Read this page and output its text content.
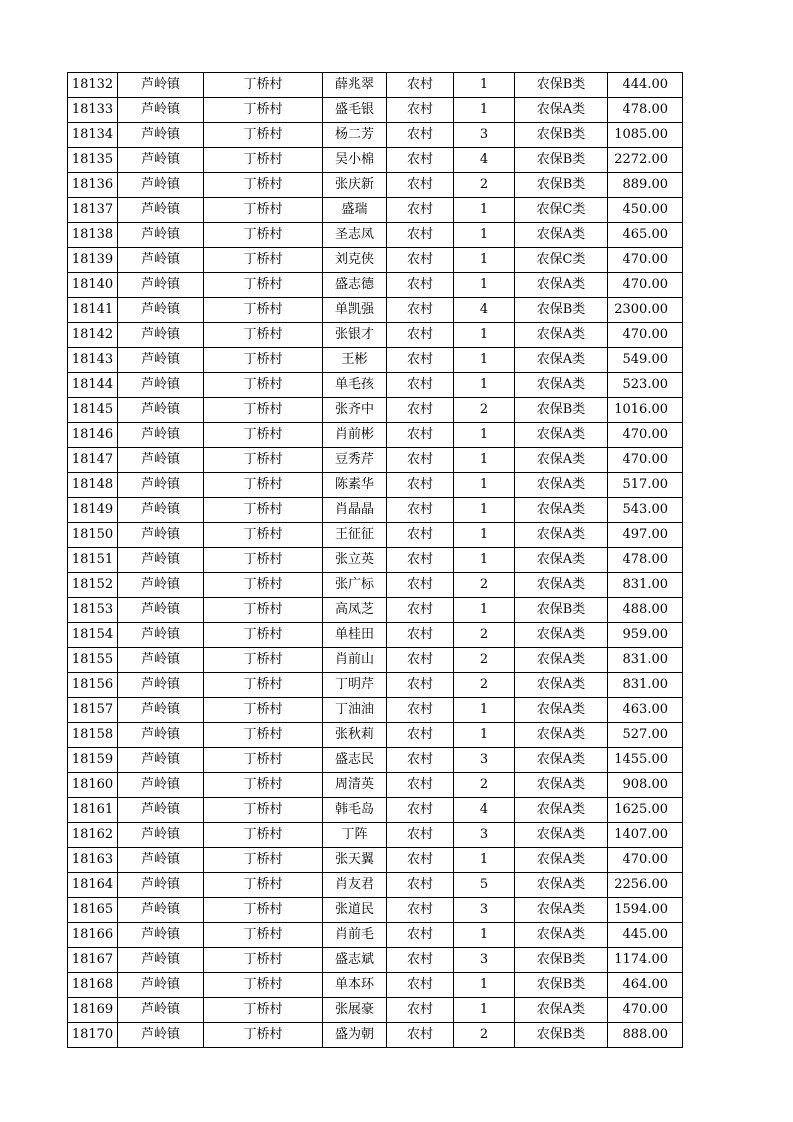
18132	芦岭镇	丁桥村	薛兆翠	农村	1	农保B类	444.00
18133	芦岭镇	丁桥村	盛毛银	农村	1	农保A类	478.00
18134	芦岭镇	丁桥村	杨二芳	农村	3	农保B类	1085.00
18135	芦岭镇	丁桥村	吴小棉	农村	4	农保B类	2272.00
18136	芦岭镇	丁桥村	张庆新	农村	2	农保B类	889.00
18137	芦岭镇	丁桥村	盛瑞	农村	1	农保C类	450.00
18138	芦岭镇	丁桥村	圣志凤	农村	1	农保A类	465.00
18139	芦岭镇	丁桥村	刘克侠	农村	1	农保C类	470.00
18140	芦岭镇	丁桥村	盛志德	农村	1	农保A类	470.00
18141	芦岭镇	丁桥村	单凯强	农村	4	农保B类	2300.00
18142	芦岭镇	丁桥村	张银才	农村	1	农保A类	470.00
18143	芦岭镇	丁桥村	王彬	农村	1	农保A类	549.00
18144	芦岭镇	丁桥村	单毛孩	农村	1	农保A类	523.00
18145	芦岭镇	丁桥村	张齐中	农村	2	农保B类	1016.00
18146	芦岭镇	丁桥村	肖前彬	农村	1	农保A类	470.00
18147	芦岭镇	丁桥村	豆秀芹	农村	1	农保A类	470.00
18148	芦岭镇	丁桥村	陈素华	农村	1	农保A类	517.00
18149	芦岭镇	丁桥村	肖晶晶	农村	1	农保A类	543.00
18150	芦岭镇	丁桥村	王征征	农村	1	农保A类	497.00
18151	芦岭镇	丁桥村	张立英	农村	1	农保A类	478.00
18152	芦岭镇	丁桥村	张广标	农村	2	农保A类	831.00
18153	芦岭镇	丁桥村	高凤芝	农村	1	农保B类	488.00
18154	芦岭镇	丁桥村	单桂田	农村	2	农保A类	959.00
18155	芦岭镇	丁桥村	肖前山	农村	2	农保A类	831.00
18156	芦岭镇	丁桥村	丁明芹	农村	2	农保A类	831.00
18157	芦岭镇	丁桥村	丁油油	农村	1	农保A类	463.00
18158	芦岭镇	丁桥村	张秋莉	农村	1	农保A类	527.00
18159	芦岭镇	丁桥村	盛志民	农村	3	农保A类	1455.00
18160	芦岭镇	丁桥村	周清英	农村	2	农保A类	908.00
18161	芦岭镇	丁桥村	韩毛岛	农村	4	农保A类	1625.00
18162	芦岭镇	丁桥村	丁阵	农村	3	农保A类	1407.00
18163	芦岭镇	丁桥村	张天翼	农村	1	农保A类	470.00
18164	芦岭镇	丁桥村	肖友君	农村	5	农保A类	2256.00
18165	芦岭镇	丁桥村	张道民	农村	3	农保A类	1594.00
18166	芦岭镇	丁桥村	肖前毛	农村	1	农保A类	445.00
18167	芦岭镇	丁桥村	盛志斌	农村	3	农保B类	1174.00
18168	芦岭镇	丁桥村	单本环	农村	1	农保B类	464.00
18169	芦岭镇	丁桥村	张展豪	农村	1	农保A类	470.00
18170	芦岭镇	丁桥村	盛为朝	农村	2	农保B类	888.00
